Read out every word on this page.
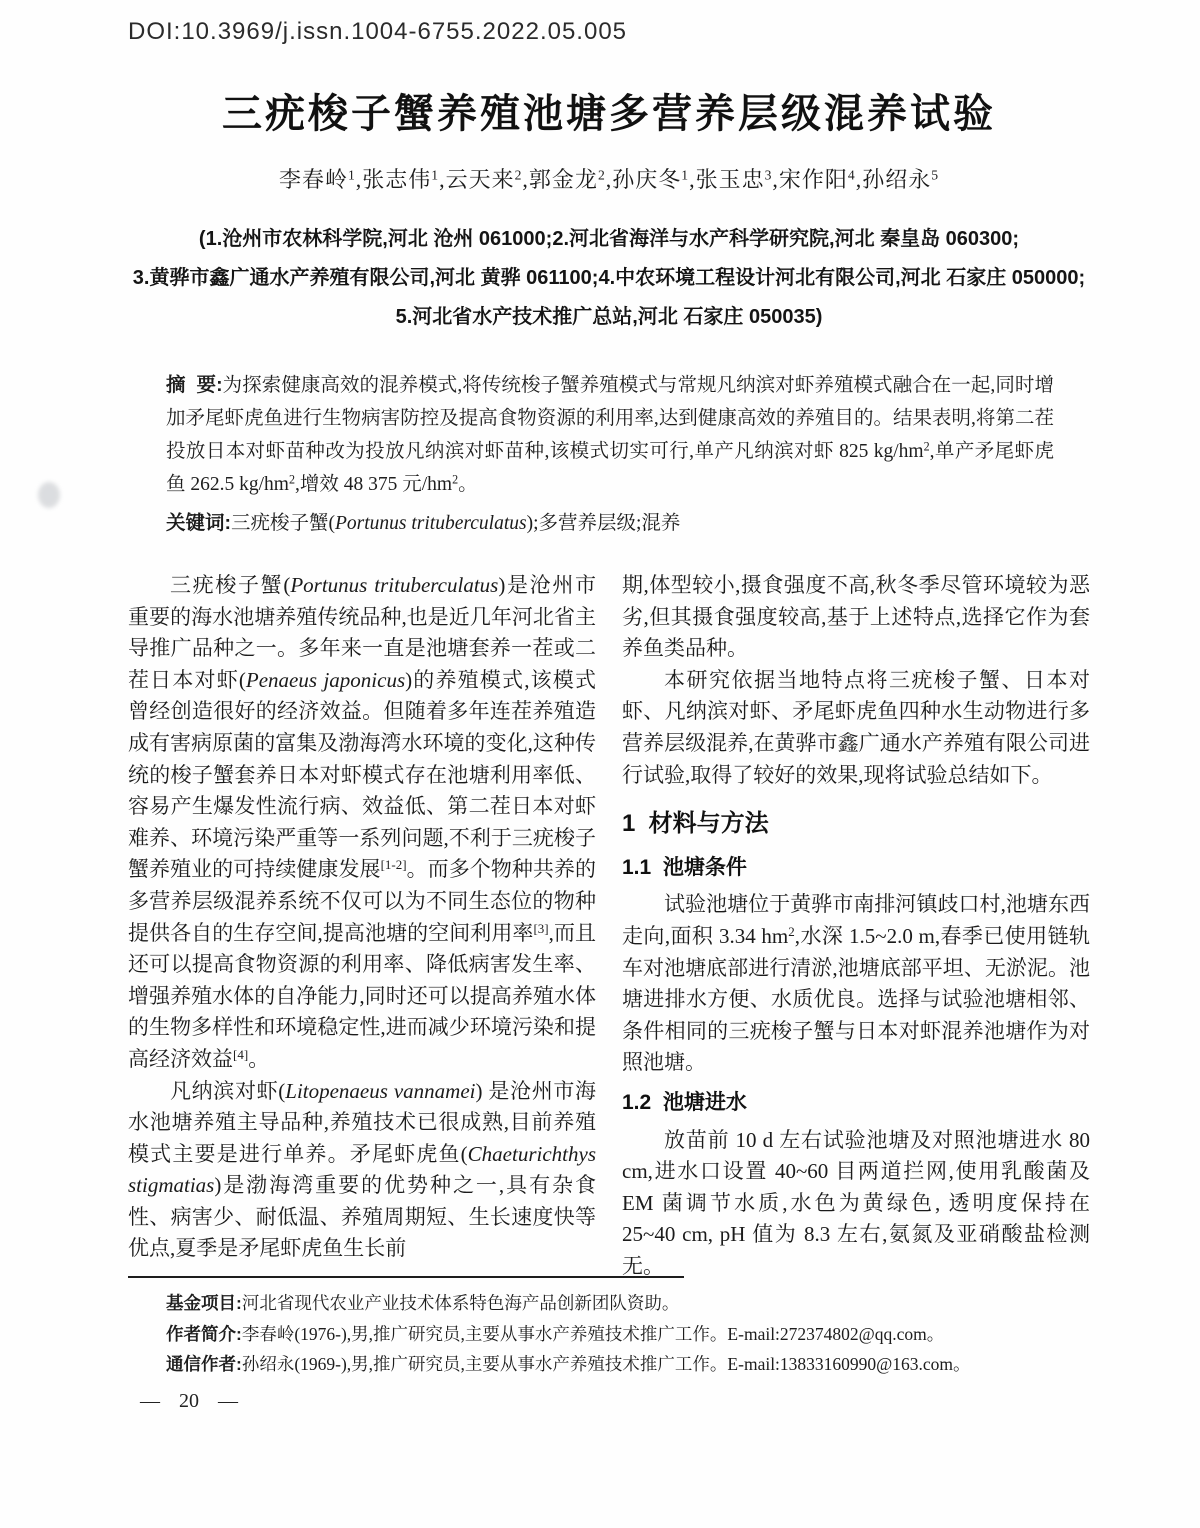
DOI:10.3969/j.issn.1004-6755.2022.05.005
三疣梭子蟹养殖池塘多营养层级混养试验
李春岭$^1$,张志伟$^1$,云天来$^2$,郭金龙$^2$,孙庆冬$^1$,张玉忠$^3$,宋作阳$^4$,孙绍永$^5$
(1.沧州市农林科学院,河北 沧州 061000;2.河北省海洋与水产科学研究院,河北 秦皇岛 060300;
3.黄骅市鑫广通水产养殖有限公司,河北 黄骅 061100;4.中农环境工程设计河北有限公司,河北 石家庄 050000;
5.河北省水产技术推广总站,河北 石家庄 050035)
摘  要:为探索健康高效的混养模式,将传统梭子蟹养殖模式与常规凡纳滨对虾养殖模式融合在一起,同时增加矛尾虾虎鱼进行生物病害防控及提高食物资源的利用率,达到健康高效的养殖目的。结果表明,将第二茬投放日本对虾苗种改为投放凡纳滨对虾苗种,该模式切实可行,单产凡纳滨对虾 825 $kg/hm^2$,单产矛尾虾虎鱼 262.5 $kg/hm^2$,增效 48 375 元$/hm^2$。
关键词:三疣梭子蟹(Portunus trituberculatus);多营养层级;混养

三疣梭子蟹(Portunus trituberculatus)是沧州市重要的海水池塘养殖传统品种,也是近几年河北省主导推广品种之一。多年来一直是池塘套养一茬或二茬日本对虾(Penaeus japonicus)的养殖模式,该模式曾经创造很好的经济效益。但随着多年连茬养殖造成有害病原菌的富集及渤海湾水环境的变化,这种传统的梭子蟹套养日本对虾模式存在池塘利用率低、容易产生爆发性流行病、效益低、第二茬日本对虾难养、环境污染严重等一系列问题,不利于三疣梭子蟹养殖业的可持续健康发展[1-2]。而多个物种共养的多营养层级混养系统不仅可以为不同生态位的物种提供各自的生存空间,提高池塘的空间利用率[3],而且还可以提高食物资源的利用率、降低病害发生率、增强养殖水体的自净能力,同时还可以提高养殖水体的生物多样性和环境稳定性,进而减少环境污染和提高经济效益[4]。

凡纳滨对虾(Litopenaeus vannamei) 是沧州市海水池塘养殖主导品种,养殖技术已很成熟,目前养殖模式主要是进行单养。矛尾虾虎鱼(Chaeturichthys stigmatias)是渤海湾重要的优势种之一,具有杂食性、病害少、耐低温、养殖周期短、生长速度快等优点,夏季是矛尾虾虎鱼生长前

期,体型较小,摄食强度不高,秋冬季尽管环境较为恶劣,但其摄食强度较高,基于上述特点,选择它作为套养鱼类品种。

本研究依据当地特点将三疣梭子蟹、日本对虾、凡纳滨对虾、矛尾虾虎鱼四种水生动物进行多营养层级混养,在黄骅市鑫广通水产养殖有限公司进行试验,取得了较好的效果,现将试验总结如下。

1  材料与方法
1.1  池塘条件

试验池塘位于黄骅市南排河镇歧口村,池塘东西走向,面积 3.34 $hm^2$,水深 1.5~2.0 m,春季已使用链轨车对池塘底部进行清淤,池塘底部平坦、无淤泥。池塘进排水方便、水质优良。选择与试验池塘相邻、条件相同的三疣梭子蟹与日本对虾混养池塘作为对照池塘。

1.2  池塘进水

放苗前 10 d 左右试验池塘及对照池塘进水 80 cm,进水口设置 40~60 目两道拦网,使用乳酸菌及 EM 菌调节水质,水色为黄绿色, 透明度保持在 25~40 cm, pH 值为 8.3 左右,氨氮及亚硝酸盐检测无。

基金项目:河北省现代农业产业技术体系特色海产品创新团队资助。
作者简介:李春岭(1976-),男,推广研究员,主要从事水产养殖技术推广工作。E-mail:272374802@qq.com。
通信作者:孙绍永(1969-),男,推广研究员,主要从事水产养殖技术推广工作。E-mail:13833160990@163.com。
— 20 —
